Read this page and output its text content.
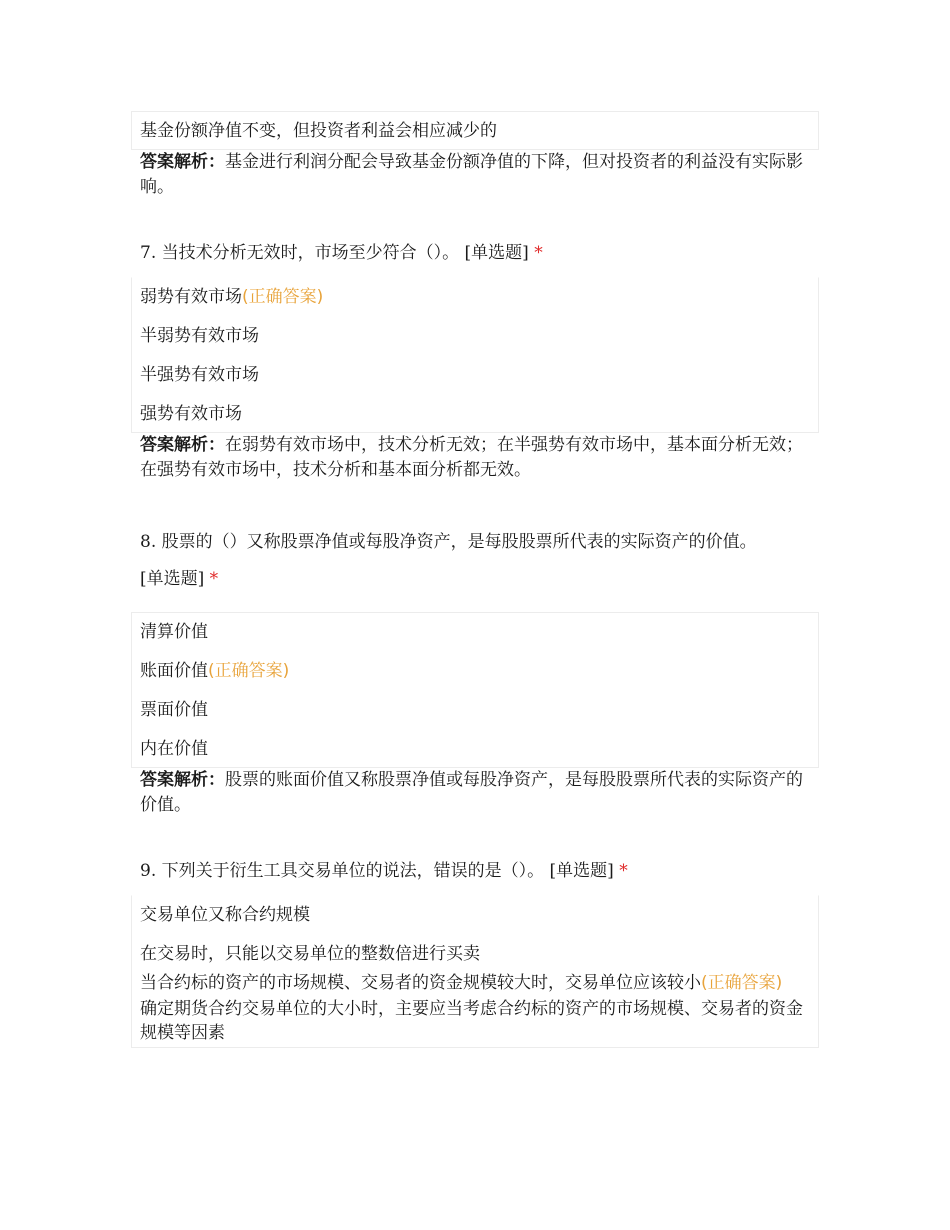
基金份额净值不变，但投资者利益会相应减少的
答案解析：基金进行利润分配会导致基金份额净值的下降，但对投资者的利益没有实际影响。
7. 当技术分析无效时，市场至少符合（）。 [单选题] *
弱势有效市场(正确答案)
半弱势有效市场
半强势有效市场
强势有效市场
答案解析：在弱势有效市场中，技术分析无效；在半强势有效市场中，基本面分析无效；在强势有效市场中，技术分析和基本面分析都无效。
8. 股票的（）又称股票净值或每股净资产，是每股股票所代表的实际资产的价值。
[单选题] *
清算价值
账面价值(正确答案)
票面价值
内在价值
答案解析：股票的账面价值又称股票净值或每股净资产，是每股股票所代表的实际资产的价值。
9. 下列关于衍生工具交易单位的说法，错误的是（）。 [单选题] *
交易单位又称合约规模
在交易时，只能以交易单位的整数倍进行买卖
当合约标的资产的市场规模、交易者的资金规模较大时，交易单位应该较小(正确答案)
确定期货合约交易单位的大小时，主要应当考虑合约标的资产的市场规模、交易者的资金规模等因素
